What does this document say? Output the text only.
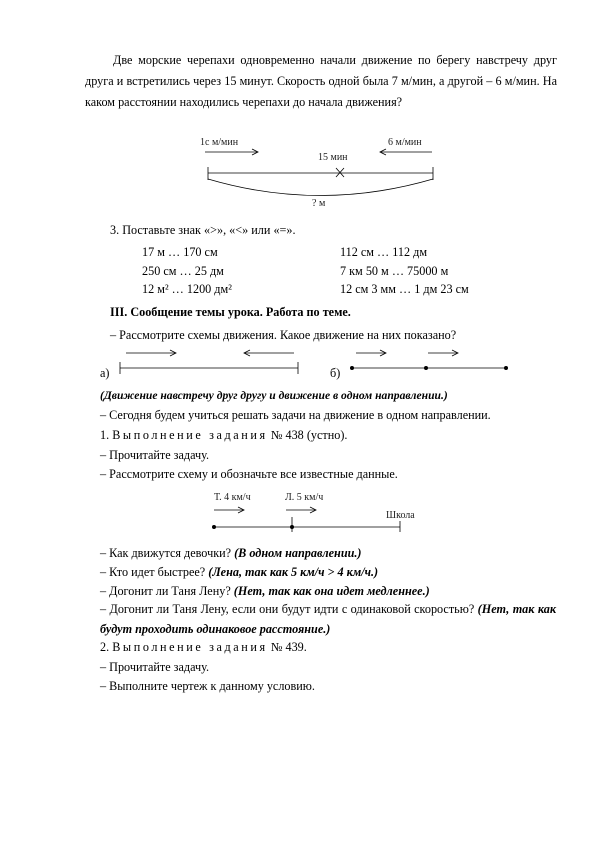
Две морские черепахи одновременно начали движение по берегу навстречу друг друга и встретились через 15 минут. Скорость одной была 7 м/мин, а другой – 6 м/мин. На каком расстоянии находились черепахи до начала движения?

1с м/мин	6 м/мин
15 мин
? м
3. Поставьте знак «>», «<» или «=».
17 м … 170 см	112 см … 112 дм
250 см … 25 дм	7 км 50 м … 75000 м
12 м² … 1200 дм²	12 см 3 мм … 1 дм 23 см
III. Сообщение темы урока. Работа по теме.
– Рассмотрите схемы движения. Какое движение на них показано?
а)	б)
(Движение навстречу друг другу и движение в одном направлении.)
– Сегодня будем учиться решать задачи на движение в одном направлении.
1. Выполнение задания № 438 (устно).
– Прочитайте задачу.
– Рассмотрите схему и обозначьте все известные данные.
Т. 4 км/ч	Л. 5 км/ч
Школа
– Как движутся девочки? (В одном направлении.)
– Кто идет быстрее? (Лена, так как 5 км/ч > 4 км/ч.)
– Догонит ли Таня Лену? (Нет, так как она идет медленнее.)

– Догонит ли Таня Лену, если они будут идти с одинаковой скоростью? (Нет, так как будут проходить одинаковое расстояние.)

2. Выполнение задания № 439.
– Прочитайте задачу.
– Выполните чертеж к данному условию.
